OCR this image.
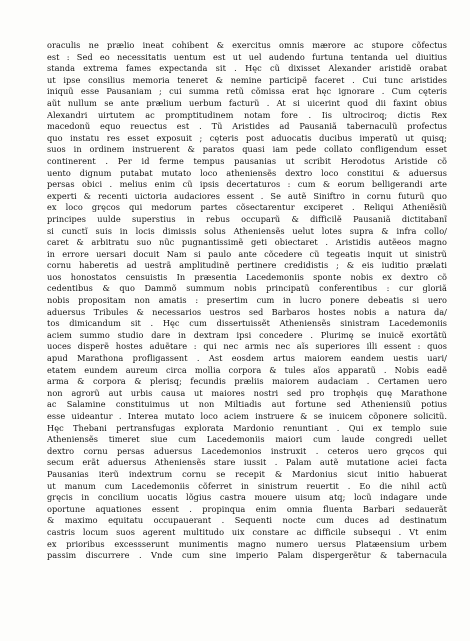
oraculis ne prælio ineat cohibent & exercitus omnis mærore ac stupore cõfectus
est : Sed eo necessitatis uentum est ut uel audendo furtuna tentanda uel diuitius
standa extrema fames expectanda sit . Hęc cũ dixisset Alexander aristidẽ orabat
ut ipse consilius memoria teneret & nemine participẽ faceret . Cui tunc aristides
iniquũ esse Pausaniam ; cui summa retũ cõmissa erat hęc ignorare . Cum cęteris
aũt nullum se ante prælium uerbum facturũ . At si uicerint quod dii faxint obius
Alexandri uirtutem ac promptitudinem notam fore . Iis ultrociroq; dictis Rex
macedonũ equo reuectus est . Tũ Aristides ad Pausaniã tabernaculũ profectus
quo instatu res esset exposuit ; cęteris post aduocatis ducibus imperatũ ut quisq;
suos in ordinem instruerent & paratos quasi iam pede collato confligendum esset
continerent . Per id ferme tempus pausanias ut scribit Herodotus Aristide cõ
uento dignum putabat mutato loco atheniensẽs dextro loco constitui & aduersus
persas obici . melius enim cũ ipsis decertaturos : cum & eorum belligerandi arte
experti & recenti uictoria audaciores essent . Se autẽ Siniftro in cornu futurũ quo
ex loco gręcos qui medorum partes cõsectarentur exciperet . Reliqui Atheniẽsiũ
principes uulde superstius in rebus occuparũ & difficilẽ Pausaniã dictitabanĩ
si cunctĩ suis in locis dimissis solus Atheniensẽs uelut lotes supra & infra collo/
caret & arbitratu suo nũc pugnantissimẽ geti obiectaret . Aristidis autẽeos magno
in errore uersari docuit Nam si paulo ante cõcedere cũ tegeatis inquit ut sinistrũ
cornu haberetis ad uestrã amplitudinẽ pertinere credidistis ; & eis iuditio prælati
uos honostatos censuistis In præsentia Lacedemoniis sponte nobis ex dextro cõ
cedentibus & quo Dammõ summum nobis principatũ conferentibus : cur gloriã
nobis propositam non amatis : presertim cum in lucro ponere debeatis si uero
aduersus Tribules & necessarios uestros sed Barbaros hostes nobis a natura da/
tos dimicandum sit . Hęc cum dissertuissẽt Atheniensẽs sinistram Lacedemoniis
aciem summo studio dare in dextram ipsi concedere . Plurimę se inuicẽ exortãtũ
uoces disperẽ hostes aduẽtare : qui nec armis nec aĩs superiores illi essent : quos
apud Marathona profligassent . Ast eosdem artus maiorem eandem uestis uari/
etatem eundem aureum circa mollia corpora & tules aĩos apparatũ . Nobis eadẽ
arma & corpora & plerisq; fecundis præliis maiorem audaciam . Certamen uero
non agrorũ aut urbis causa ut maiores nostri sed pro trophęis quę Marathone
ac Salamine constituimus ut non Miltiadis aut fortune sed Atheniensiũ potius
esse uideantur . Interea mutato loco aciem instruere & se inuicem cõponere solicitũ.
Hęc Thebani pertransfugas explorata Mardonio renuntiant . Qui ex templo suie
Atheniensẽs timeret siue cum Lacedemoniis maiori cum laude congredi uellet
dextro cornu persas aduersus Lacedemonios instruxit . ceteros uero gręcos qui
secum erãt aduersus Atheniensẽs stare iussit . Palam autẽ mutatione aciei facta
Pausanias iterũ indextrum cornu se recepit & Mardonius sicut initio habuerat
ut manum cum Lacedemoniis cõferret in sinistrum reuertit . Eo die nihil actũ
gręcis in concilium uocatis lõgius castra mouere uisum atq; locũ indagare unde
oportune aquationes essent . propinqua enim omnia fluenta Barbari sedauerãt
& maximo equitatu occupauerant . Sequenti nocte cum duces ad destinatum
castris locum suos agerent multitudo uix constare ac difficile subsequi . Vt enim
ex prioribus excessserunt munimentis magno numero uersus Platæensium urbem
passim discurrere . Vnde cum sine imperio Palam dispergerẽtur & tabernacula
